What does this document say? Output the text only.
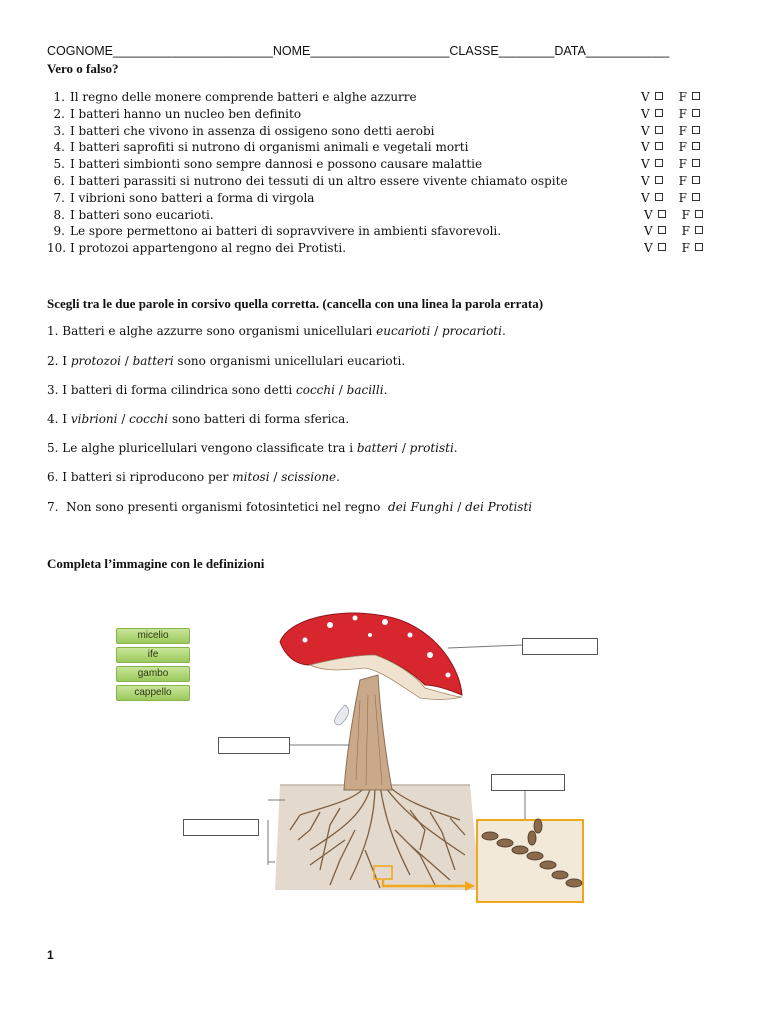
COGNOME_______________________NOME____________________CLASSE________DATA____________
Vero o falso?
1. Il regno delle monere comprende batteri e alghe azzurre	V F
2. I batteri hanno un nucleo ben definito	V F
3. I batteri che vivono in assenza di ossigeno sono detti aerobi	V F
4. I batteri saprofiti si nutrono di organismi animali e vegetali morti	V F
5. I batteri simbionti sono sempre dannosi e possono causare malattie	V F
6. I batteri parassiti si nutrono dei tessuti di un altro essere vivente chiamato ospite	V F
7. I vibrioni sono batteri a forma di virgola	V F
8. I batteri sono eucarioti.	V F
9. Le spore permettono ai batteri di sopravvivere in ambienti sfavorevoli.	V F
10. I protozoi appartengono al regno dei Protisti.	V F
Scegli tra le due parole in corsivo quella corretta. (cancella con una linea la parola errata)
1. Batteri e alghe azzurre sono organismi unicellulari eucarioti / procarioti.
2. I protozoi / batteri sono organismi unicellulari eucarioti.
3. I batteri di forma cilindrica sono detti cocchi / bacilli.
4. I vibrioni / cocchi sono batteri di forma sferica.
5. Le alghe pluricellulari vengono classificate tra i batteri / protisti.
6. I batteri si riproducono per mitosi / scissione.
7.  Non sono presenti organismi fotosintetici nel regno  dei Funghi / dei Protisti
Completa l’immagine con le definizioni
micelio
ife
gambo
cappello
1
